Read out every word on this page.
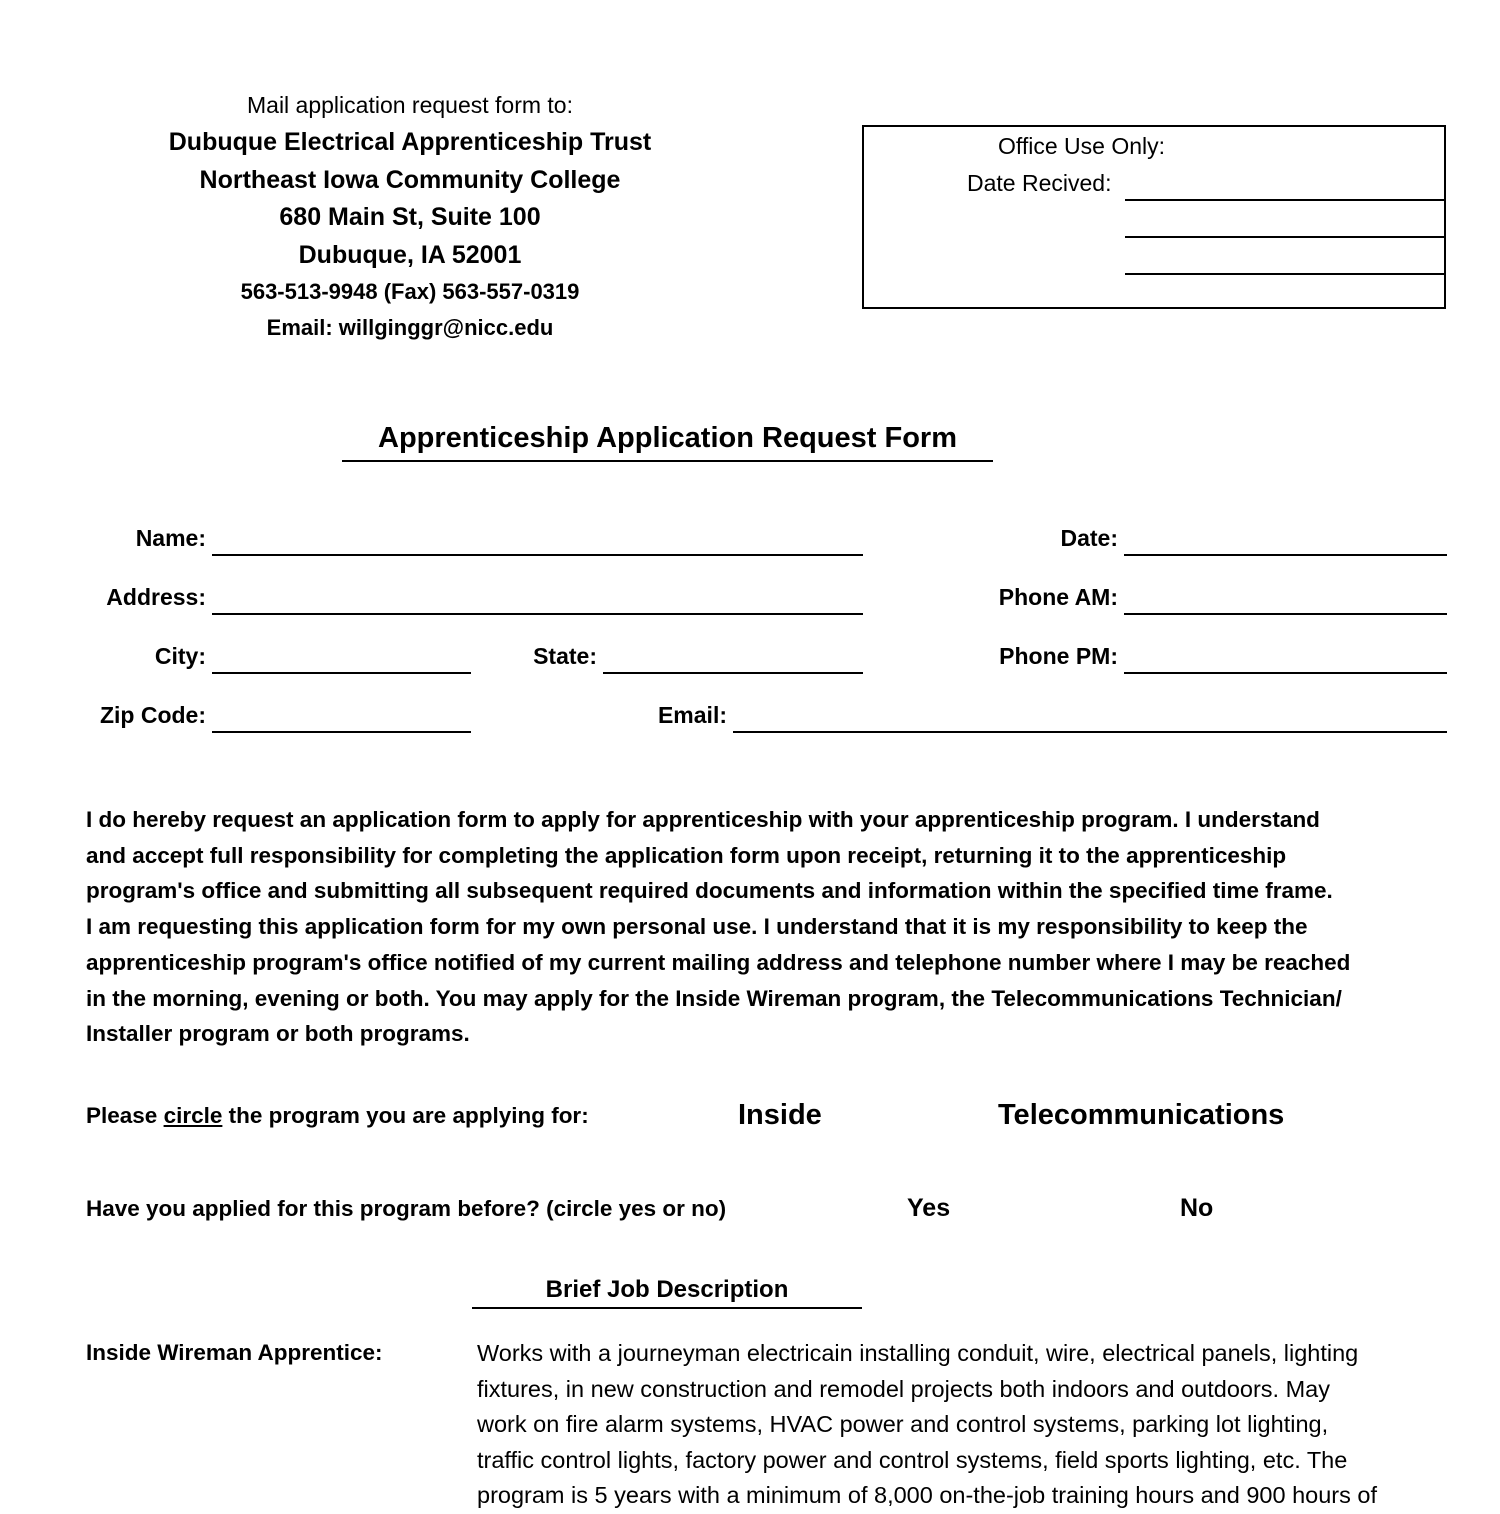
Mail application request form to:
Dubuque Electrical Apprenticeship Trust
Northeast Iowa Community College
680 Main St, Suite 100
Dubuque, IA 52001
563-513-9948 (Fax) 563-557-0319
Email: willginggr@nicc.edu
Office Use Only:
Date Recived:
Apprenticeship Application Request Form
Name:	Date:
Address:	Phone AM:
City:	State:	Phone PM:
Zip Code:	Email:
I do hereby request an application form to apply for apprenticeship with your apprenticeship program. I understand
and accept full responsibility for completing the application form upon receipt, returning it to the apprenticeship
program's office and submitting all subsequent required documents and information within the specified time frame.
I am requesting this application form for my own personal use. I understand that it is my responsibility to keep the
apprenticeship program's office notified of my current mailing address and telephone number where I may be reached
in the morning, evening or both. You may apply for the Inside Wireman program, the Telecommunications Technician/
Installer program or both programs.
Please circle the program you are applying for:	Inside	Telecommunications
Have you applied for this program before? (circle yes or no)	Yes	No
Brief Job Description
Inside Wireman Apprentice:	Works with a journeyman electricain installing conduit, wire, electrical panels, lighting
fixtures, in new construction and remodel projects both indoors and outdoors. May
work on fire alarm systems, HVAC power and control systems, parking lot lighting,
traffic control lights, factory power and control systems, field sports lighting, etc. The
program is 5 years with a minimum of 8,000 on-the-job training hours and 900 hours of
